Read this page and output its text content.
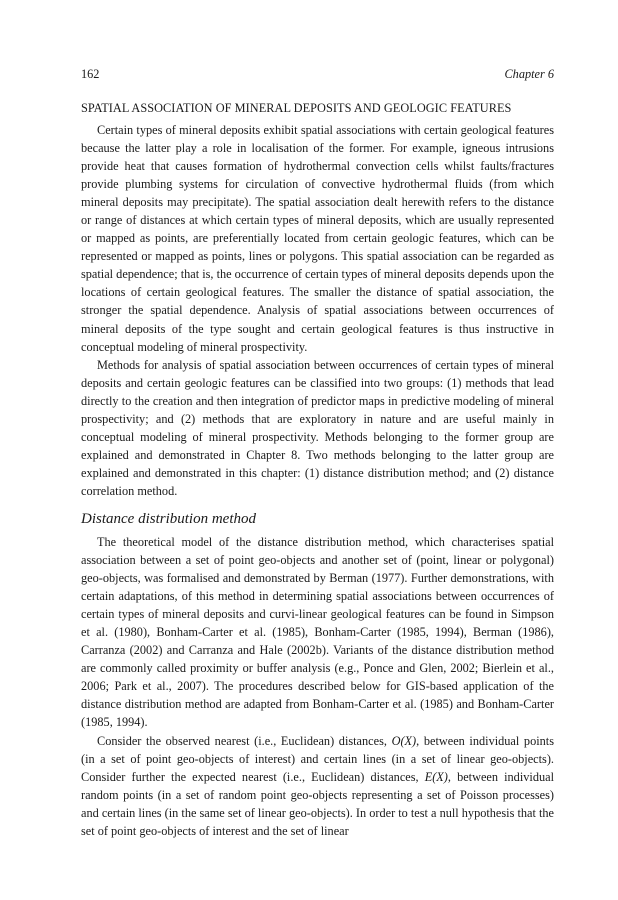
162	Chapter 6
SPATIAL ASSOCIATION OF MINERAL DEPOSITS AND GEOLOGIC FEATURES

Certain types of mineral deposits exhibit spatial associations with certain geological features because the latter play a role in localisation of the former. For example, igneous intrusions provide heat that causes formation of hydrothermal convection cells whilst faults/fractures provide plumbing systems for circulation of convective hydrothermal fluids (from which mineral deposits may precipitate). The spatial association dealt herewith refers to the distance or range of distances at which certain types of mineral deposits, which are usually represented or mapped as points, are preferentially located from certain geologic features, which can be represented or mapped as points, lines or polygons. This spatial association can be regarded as spatial dependence; that is, the occurrence of certain types of mineral deposits depends upon the locations of certain geological features. The smaller the distance of spatial association, the stronger the spatial dependence. Analysis of spatial associations between occurrences of mineral deposits of the type sought and certain geological features is thus instructive in conceptual modeling of mineral prospectivity.

Methods for analysis of spatial association between occurrences of certain types of mineral deposits and certain geologic features can be classified into two groups: (1) methods that lead directly to the creation and then integration of predictor maps in predictive modeling of mineral prospectivity; and (2) methods that are exploratory in nature and are useful mainly in conceptual modeling of mineral prospectivity. Methods belonging to the former group are explained and demonstrated in Chapter 8. Two methods belonging to the latter group are explained and demonstrated in this chapter: (1) distance distribution method; and (2) distance correlation method.

Distance distribution method

The theoretical model of the distance distribution method, which characterises spatial association between a set of point geo-objects and another set of (point, linear or polygonal) geo-objects, was formalised and demonstrated by Berman (1977). Further demonstrations, with certain adaptations, of this method in determining spatial associations between occurrences of certain types of mineral deposits and curvi-linear geological features can be found in Simpson et al. (1980), Bonham-Carter et al. (1985), Bonham-Carter (1985, 1994), Berman (1986), Carranza (2002) and Carranza and Hale (2002b). Variants of the distance distribution method are commonly called proximity or buffer analysis (e.g., Ponce and Glen, 2002; Bierlein et al., 2006; Park et al., 2007). The procedures described below for GIS-based application of the distance distribution method are adapted from Bonham-Carter et al. (1985) and Bonham-Carter (1985, 1994).

Consider the observed nearest (i.e., Euclidean) distances, O(X), between individual points (in a set of point geo-objects of interest) and certain lines (in a set of linear geo-objects). Consider further the expected nearest (i.e., Euclidean) distances, E(X), between individual random points (in a set of random point geo-objects representing a set of Poisson processes) and certain lines (in the same set of linear geo-objects). In order to test a null hypothesis that the set of point geo-objects of interest and the set of linear
